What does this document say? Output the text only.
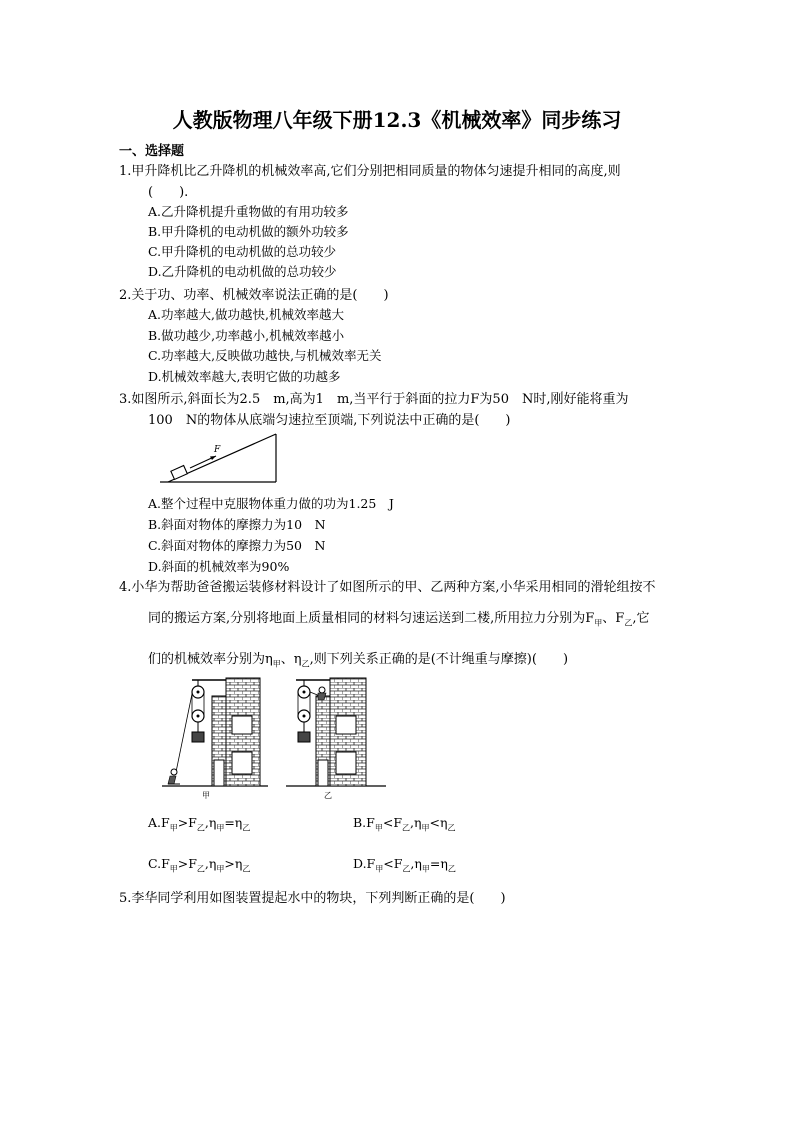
人教版物理八年级下册12.3《机械效率》同步练习
一、选择题
1.甲升降机比乙升降机的机械效率高,它们分别把相同质量的物体匀速提升相同的高度,则
(　　).
A.乙升降机提升重物做的有用功较多
B.甲升降机的电动机做的额外功较多
C.甲升降机的电动机做的总功较少
D.乙升降机的电动机做的总功较少
2.关于功、功率、机械效率说法正确的是(　　)
A.功率越大,做功越快,机械效率越大
B.做功越少,功率越小,机械效率越小
C.功率越大,反映做功越快,与机械效率无关
D.机械效率越大,表明它做的功越多
3.如图所示,斜面长为2.5　m,高为1　m,当平行于斜面的拉力F为50　N时,刚好能将重为
100　N的物体从底端匀速拉至顶端,下列说法中正确的是(　　)
F
A.整个过程中克服物体重力做的功为1.25　J
B.斜面对物体的摩擦力为10　N
C.斜面对物体的摩擦力为50　N
D.斜面的机械效率为90%
4.小华为帮助爸爸搬运装修材料设计了如图所示的甲、乙两种方案,小华采用相同的滑轮组按不
同的搬运方案,分别将地面上质量相同的材料匀速运送到二楼,所用拉力分别为$F_甲$、$F_乙$,它
们的机械效率分别为$\eta_甲$、$\eta_乙$,则下列关系正确的是(不计绳重与摩擦)(　　)
甲	乙
$A.F_甲>F_乙,\eta_甲=\eta_乙$	$B.F_甲<F_乙,\eta_甲<\eta_乙$
$C.F_甲>F_乙,\eta_甲>\eta_乙$	$D.F_甲<F_乙,\eta_甲=\eta_乙$
5.李华同学利用如图装置提起水中的物块，下列判断正确的是(　　)
